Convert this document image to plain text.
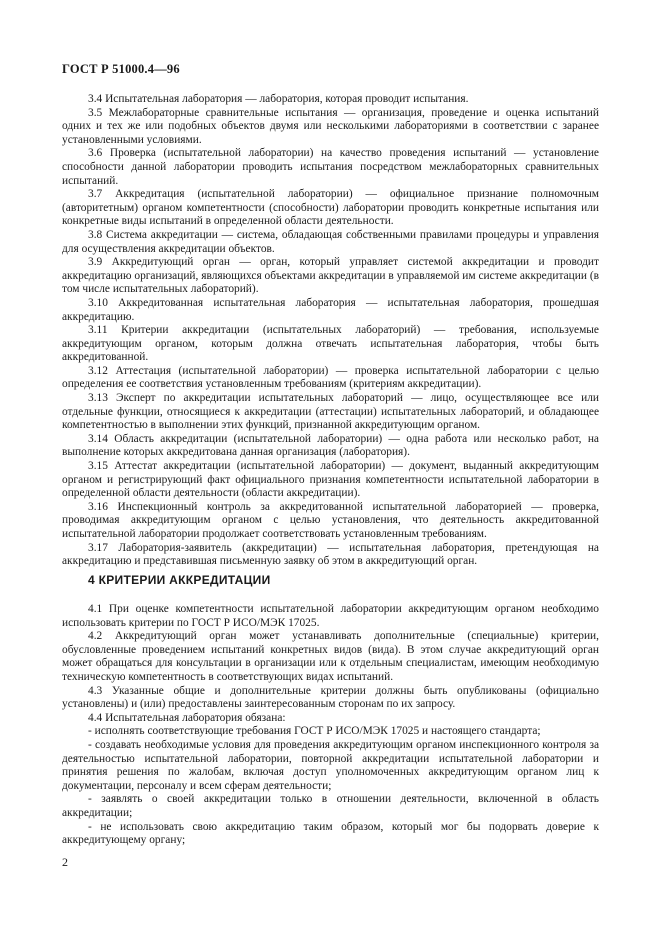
ГОСТ Р 51000.4—96

3.4 Испытательная лаборатория — лаборатория, которая проводит испытания.

3.5 Межлабораторные сравнительные испытания — организация, проведение и оценка испытаний одних и тех же или подобных объектов двумя или несколькими лабораториями в соответствии с заранее установленными условиями.

3.6 Проверка (испытательной лаборатории) на качество проведения испытаний — установление способности данной лаборатории проводить испытания посредством межлабораторных сравнительных испытаний.

3.7 Аккредитация (испытательной лаборатории) — официальное признание полномочным (авторитетным) органом компетентности (способности) лаборатории проводить конкретные испытания или конкретные виды испытаний в определенной области деятельности.

3.8 Система аккредитации — система, обладающая собственными правилами процедуры и управления для осуществления аккредитации объектов.

3.9 Аккредитующий орган — орган, который управляет системой аккредитации и проводит аккредитацию организаций, являющихся объектами аккредитации в управляемой им системе аккредитации (в том числе испытательных лабораторий).

3.10 Аккредитованная испытательная лаборатория — испытательная лаборатория, прошедшая аккредитацию.

3.11 Критерии аккредитации (испытательных лабораторий) — требования, используемые аккредитующим органом, которым должна отвечать испытательная лаборатория, чтобы быть аккредитованной.

3.12 Аттестация (испытательной лаборатории) — проверка испытательной лаборатории с целью определения ее соответствия установленным требованиям (критериям аккредитации).

3.13 Эксперт по аккредитации испытательных лабораторий — лицо, осуществляющее все или отдельные функции, относящиеся к аккредитации (аттестации) испытательных лабораторий, и обладающее компетентностью в выполнении этих функций, признанной аккредитующим органом.

3.14 Область аккредитации (испытательной лаборатории) — одна работа или несколько работ, на выполнение которых аккредитована данная организация (лаборатория).

3.15 Аттестат аккредитации (испытательной лаборатории) — документ, выданный аккредитующим органом и регистрирующий факт официального признания компетентности испытательной лаборатории в определенной области деятельности (области аккредитации).

3.16 Инспекционный контроль за аккредитованной испытательной лабораторией — проверка, проводимая аккредитующим органом с целью установления, что деятельность аккредитованной испытательной лаборатории продолжает соответствовать установленным требованиям.

3.17 Лаборатория-заявитель (аккредитации) — испытательная лаборатория, претендующая на аккредитацию и представившая письменную заявку об этом в аккредитующий орган.

4 КРИТЕРИИ АККРЕДИТАЦИИ

4.1 При оценке компетентности испытательной лаборатории аккредитующим органом необходимо использовать критерии по ГОСТ Р ИСО/МЭК 17025.

4.2 Аккредитующий орган может устанавливать дополнительные (специальные) критерии, обусловленные проведением испытаний конкретных видов (вида). В этом случае аккредитующий орган может обращаться для консультации в организации или к отдельным специалистам, имеющим необходимую техническую компетентность в соответствующих видах испытаний.

4.3 Указанные общие и дополнительные критерии должны быть опубликованы (официально установлены) и (или) предоставлены заинтересованным сторонам по их запросу.

4.4 Испытательная лаборатория обязана:

- исполнять соответствующие требования ГОСТ Р ИСО/МЭК 17025 и настоящего стандарта;

- создавать необходимые условия для проведения аккредитующим органом инспекционного контроля за деятельностью испытательной лаборатории, повторной аккредитации испытательной лаборатории и принятия решения по жалобам, включая доступ уполномоченных аккредитующим органом лиц к документации, персоналу и всем сферам деятельности;

- заявлять о своей аккредитации только в отношении деятельности, включенной в область аккредитации;

- не использовать свою аккредитацию таким образом, который мог бы подорвать доверие к аккредитующему органу;

2
